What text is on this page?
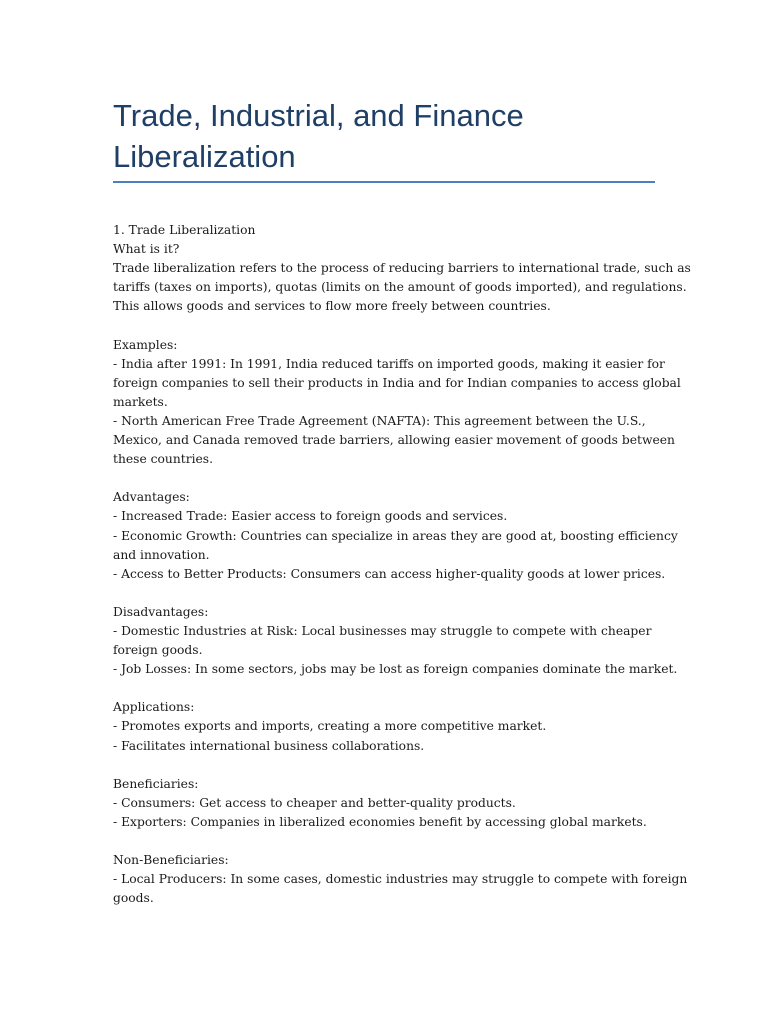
Trade, Industrial, and Finance
Liberalization
1. Trade Liberalization
What is it?
Trade liberalization refers to the process of reducing barriers to international trade, such as
tariffs (taxes on imports), quotas (limits on the amount of goods imported), and regulations.
This allows goods and services to flow more freely between countries.
Examples:
- India after 1991: In 1991, India reduced tariffs on imported goods, making it easier for
foreign companies to sell their products in India and for Indian companies to access global
markets.
- North American Free Trade Agreement (NAFTA): This agreement between the U.S.,
Mexico, and Canada removed trade barriers, allowing easier movement of goods between
these countries.
Advantages:
- Increased Trade: Easier access to foreign goods and services.
- Economic Growth: Countries can specialize in areas they are good at, boosting efficiency
and innovation.
- Access to Better Products: Consumers can access higher-quality goods at lower prices.
Disadvantages:
- Domestic Industries at Risk: Local businesses may struggle to compete with cheaper
foreign goods.
- Job Losses: In some sectors, jobs may be lost as foreign companies dominate the market.
Applications:
- Promotes exports and imports, creating a more competitive market.
- Facilitates international business collaborations.
Beneficiaries:
- Consumers: Get access to cheaper and better-quality products.
- Exporters: Companies in liberalized economies benefit by accessing global markets.
Non-Beneficiaries:
- Local Producers: In some cases, domestic industries may struggle to compete with foreign
goods.
